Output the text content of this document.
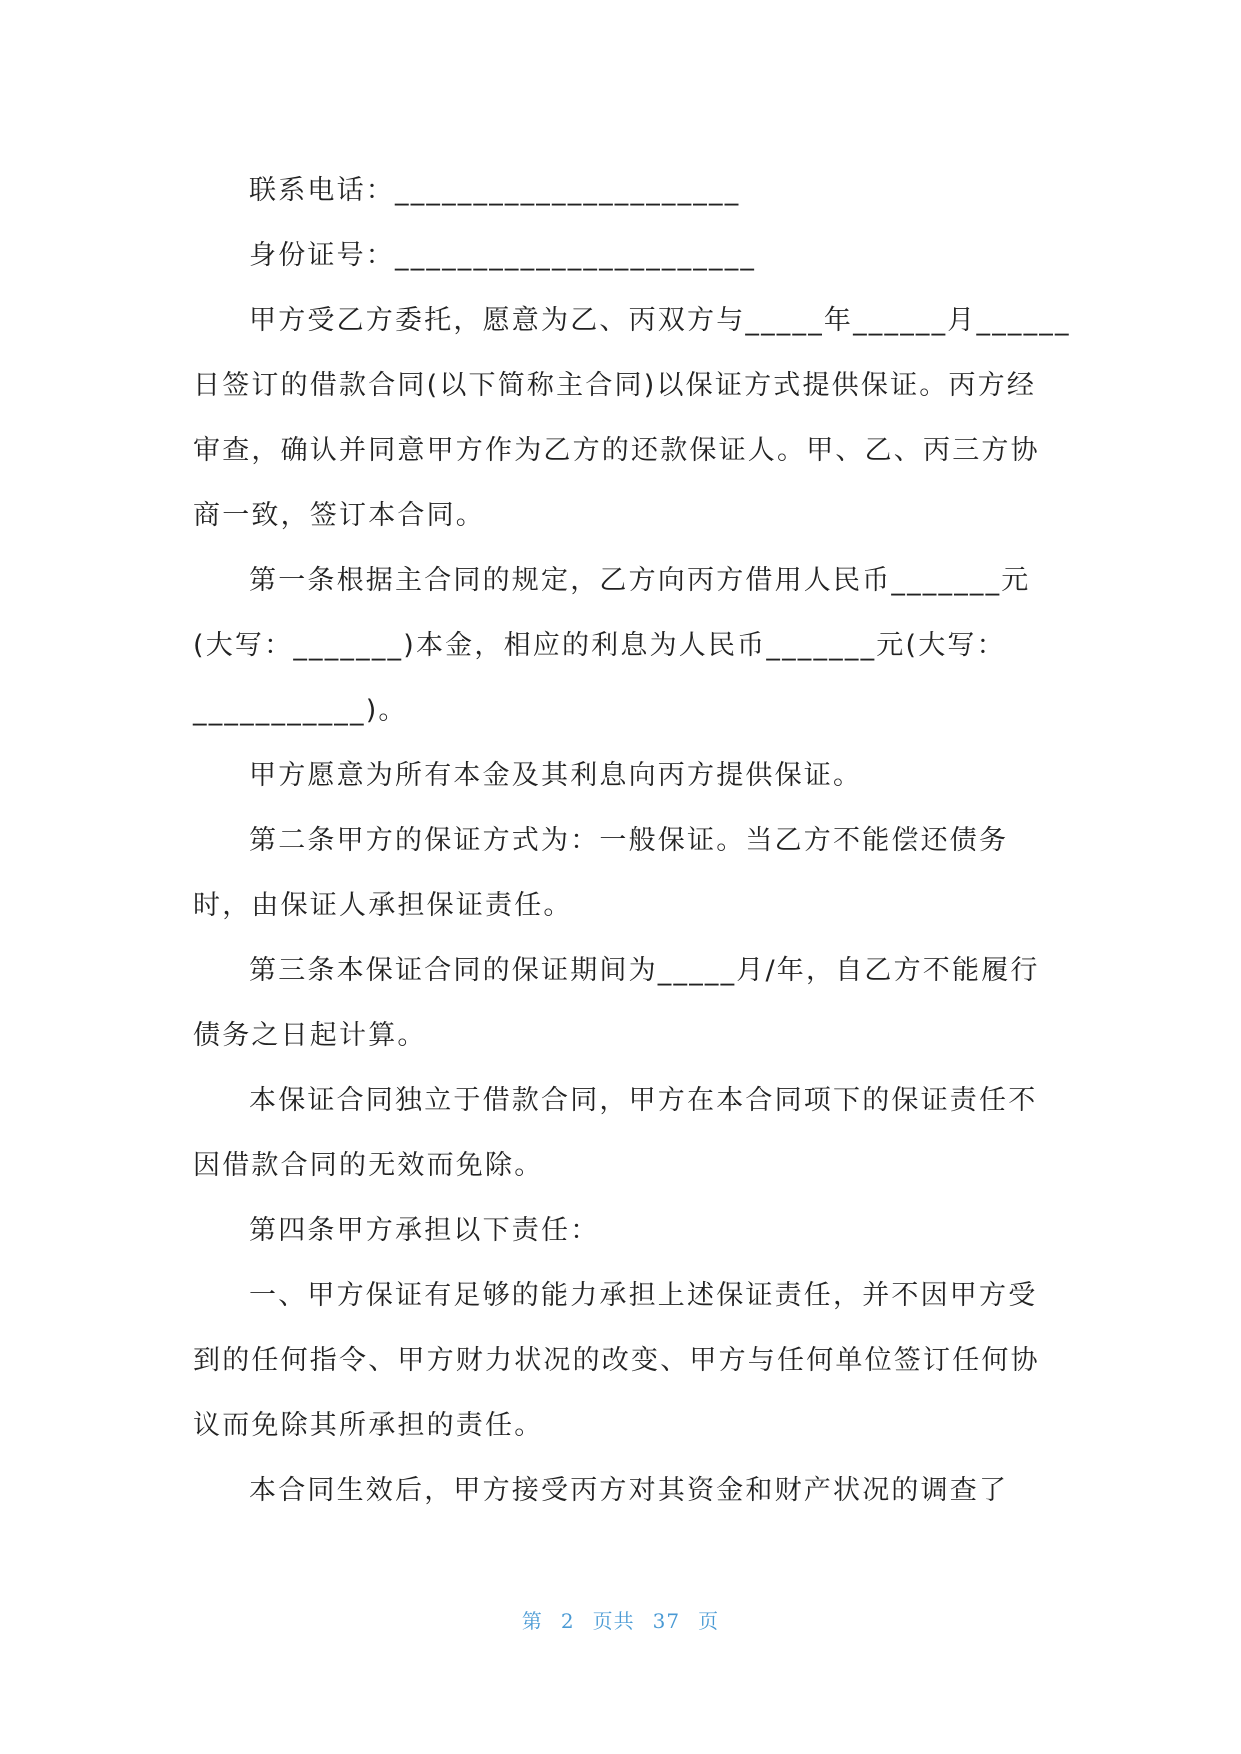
联系电话：______________________

身份证号：_______________________

甲方受乙方委托，愿意为乙、丙双方与_____年______月______

日签订的借款合同(以下简称主合同)以保证方式提供保证。丙方经

审查，确认并同意甲方作为乙方的还款保证人。甲、乙、丙三方协

商一致，签订本合同。

第一条根据主合同的规定，乙方向丙方借用人民币_______元

(大写：_______)本金，相应的利息为人民币_______元(大写：

___________)。

甲方愿意为所有本金及其利息向丙方提供保证。

第二条甲方的保证方式为：一般保证。当乙方不能偿还债务

时，由保证人承担保证责任。

第三条本保证合同的保证期间为_____月/年，自乙方不能履行

债务之日起计算。

本保证合同独立于借款合同，甲方在本合同项下的保证责任不

因借款合同的无效而免除。

第四条甲方承担以下责任：

一、甲方保证有足够的能力承担上述保证责任，并不因甲方受

到的任何指令、甲方财力状况的改变、甲方与任何单位签订任何协

议而免除其所承担的责任。

本合同生效后，甲方接受丙方对其资金和财产状况的调查了

第 2 页共 37 页
